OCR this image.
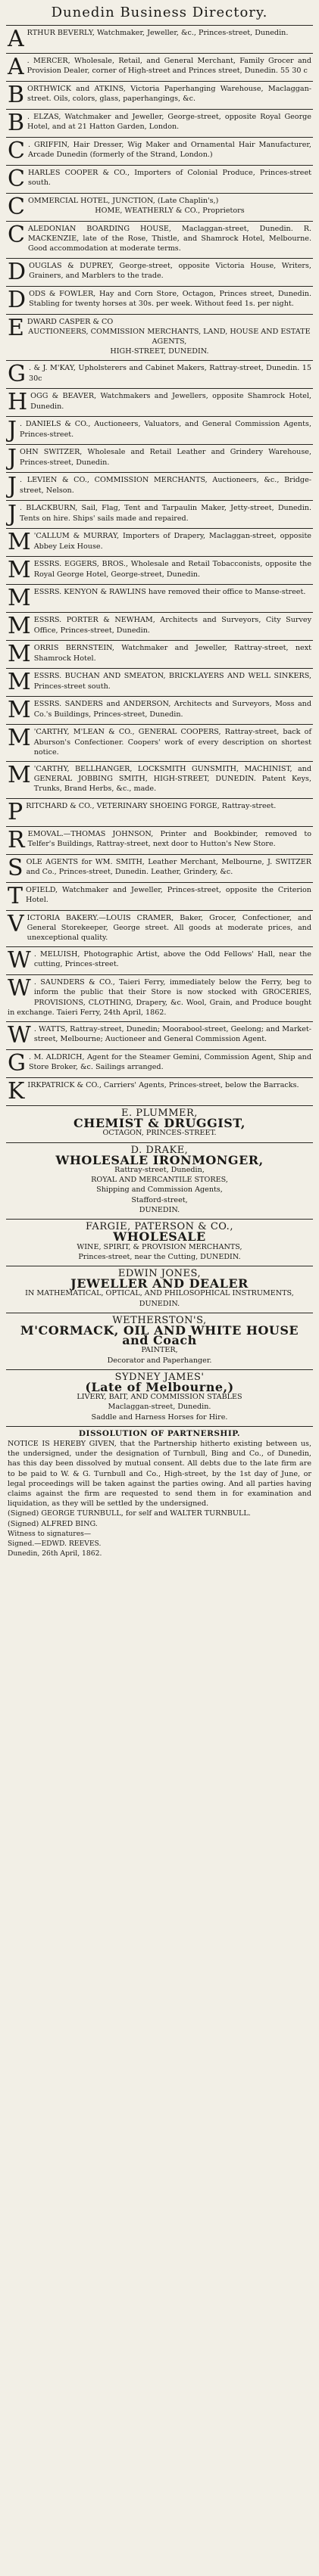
Dunedin Business Directory.
A RTHUR BEVERLY, Watchmaker, Jeweller, &c., Princes-street, Dunedin.

A . MERCER, Wholesale, Retail, and General Merchant, Family Grocer and Provision Dealer, corner of High-street and Princes street, Dunedin. 55 30 c

B ORTHWICK and ATKINS, Victoria Paperhanging Warehouse, Maclaggan-street. Oils, colors, glass, paperhangings, &c.

B . ELZAS, Watchmaker and Jeweller, George-street, opposite Royal George Hotel, and at 21 Hatton Garden, London.

C . GRIFFIN, Hair Dresser, Wig Maker and Ornamental Hair Manufacturer, Arcade Dunedin (formerly of the Strand, London.)

C HARLES COOPER & CO., Importers of Colonial Produce, Princes-street south.

C OMMERCIAL HOTEL, JUNCTION, (Late Chaplin's,)

HOME, WEATHERLY & CO., Proprietors

C ALEDONIAN BOARDING HOUSE, Maclaggan-street, Dunedin. R. MACKENZIE, late of the Rose, Thistle, and Shamrock Hotel, Melbourne. Good accommodation at moderate terms.

D OUGLAS & DUPREY, George-street, opposite Victoria House, Writers, Grainers, and Marblers to the trade.

D ODS & FOWLER, Hay and Corn Store, Octagon, Princes street, Dunedin. Stabling for twenty horses at 30s. per week. Without feed 1s. per night.

E DWARD CASPER & CO

AUCTIONEERS, COMMISSION MERCHANTS, LAND, HOUSE AND ESTATE AGENTS,

HIGH-STREET, DUNEDIN.

G . & J. M'KAY, Upholsterers and Cabinet Makers, Rattray-street, Dunedin. 15 30c

H OGG & BEAVER, Watchmakers and Jewellers, opposite Shamrock Hotel, Dunedin.

J . DANIELS & CO., Auctioneers, Valuators, and General Commission Agents, Princes-street.

J OHN SWITZER, Wholesale and Retail Leather and Grindery Warehouse, Princes-street, Dunedin.

J . LEVIEN & CO., COMMISSION MERCHANTS, Auctioneers, &c., Bridge-street, Nelson.

J . BLACKBURN, Sail, Flag, Tent and Tarpaulin Maker, Jetty-street, Dunedin. Tents on hire. Ships' sails made and repaired.

M 'CALLUM & MURRAY, Importers of Drapery, Maclaggan-street, opposite Abbey Leix House.

M ESSRS. EGGERS, BROS., Wholesale and Retail Tobacconists, opposite the Royal George Hotel, George-street, Dunedin.

M ESSRS. KENYON & RAWLINS have removed their office to Manse-street.

M ESSRS. PORTER & NEWHAM, Architects and Surveyors, City Survey Office, Princes-street, Dunedin.

M ORRIS BERNSTEIN, Watchmaker and Jeweller, Rattray-street, next Shamrock Hotel.

M ESSRS. BUCHAN AND SMEATON, BRICKLAYERS AND WELL SINKERS, Princes-street south.

M ESSRS. SANDERS and ANDERSON, Architects and Surveyors, Moss and Co.'s Buildings, Princes-street, Dunedin.

M 'CARTHY, M'LEAN & CO., GENERAL COOPERS, Rattray-street, back of Aburson's Confectioner. Coopers' work of every description on shortest notice.

M 'CARTHY, BELLHANGER, LOCKSMITH GUNSMITH, MACHINIST, and GENERAL JOBBING SMITH, HIGH-STREET, DUNEDIN. Patent Keys, Trunks, Brand Herbs, &c., made.

P RITCHARD & CO., VETERINARY SHOEING FORGE, Rattray-street.

R EMOVAL.—THOMAS JOHNSON, Printer and Bookbinder, removed to Telfer's Buildings, Rattray-street, next door to Hutton's New Store.

S OLE AGENTS for WM. SMITH, Leather Merchant, Melbourne, J. SWITZER and Co., Princes-street, Dunedin. Leather, Grindery, &c.

T OFIELD, Watchmaker and Jeweller, Princes-street, opposite the Criterion Hotel.

V ICTORIA BAKERY.—LOUIS CRAMER, Baker, Grocer, Confectioner, and General Storekeeper, George street. All goods at moderate prices, and unexceptional quality.

W . MELUISH, Photographic Artist, above the Odd Fellows' Hall, near the cutting, Princes-street.

W . SAUNDERS & CO., Taieri Ferry, immediately below the Ferry, beg to inform the public that their Store is now stocked with GROCERIES, PROVISIONS, CLOTHING, Drapery, &c. Wool, Grain, and Produce bought in exchange. Taieri Ferry, 24th April, 1862.

W . WATTS, Rattray-street, Dunedin; Moorabool-street, Geelong; and Market-street, Melbourne; Auctioneer and General Commission Agent.

G . M. ALDRICH, Agent for the Steamer Gemini, Commission Agent, Ship and Store Broker, &c. Sailings arranged.

K IRKPATRICK & CO., Carriers' Agents, Princes-street, below the Barracks.

E. PLUMMER,
CHEMIST & DRUGGIST,
OCTAGON, PRINCES-STREET.
D. DRAKE,
WHOLESALE IRONMONGER,
Rattray-street, Dunedin,
ROYAL AND MERCANTILE STORES,
Shipping and Commission Agents,
Stafford-street,
DUNEDIN.
FARGIE, PATERSON & CO.,
WHOLESALE
WINE, SPIRIT, & PROVISION MERCHANTS,
Princes-street, near the Cutting, DUNEDIN.
EDWIN JONES,
JEWELLER AND DEALER
IN MATHEMATICAL, OPTICAL, AND PHILOSOPHICAL INSTRUMENTS,
DUNEDIN.
WETHERSTON'S,
M'CORMACK, OIL AND WHITE HOUSE and Coach
PAINTER,
Decorator and Paperhanger.
SYDNEY JAMES'
(Late of Melbourne,)
LIVERY, BAIT, AND COMMISSION STABLES
Maclaggan-street, Dunedin.
Saddle and Harness Horses for Hire.
DISSOLUTION OF PARTNERSHIP.

NOTICE IS HEREBY GIVEN, that the Partnership hitherto existing between us, the undersigned, under the designation of Turnbull, Bing and Co., of Dunedin, has this day been dissolved by mutual consent. All debts due to the late firm are to be paid to W. & G. Turnbull and Co., High-street, by the 1st day of June, or legal proceedings will be taken against the parties owing. And all parties having claims against the firm are requested to send them in for examination and liquidation, as they will be settled by the undersigned.

(Signed) GEORGE TURNBULL, for self and WALTER TURNBULL.
(Signed) ALFRED BING.
Witness to signatures—
Signed.—EDWD. REEVES.
Dunedin, 26th April, 1862.
